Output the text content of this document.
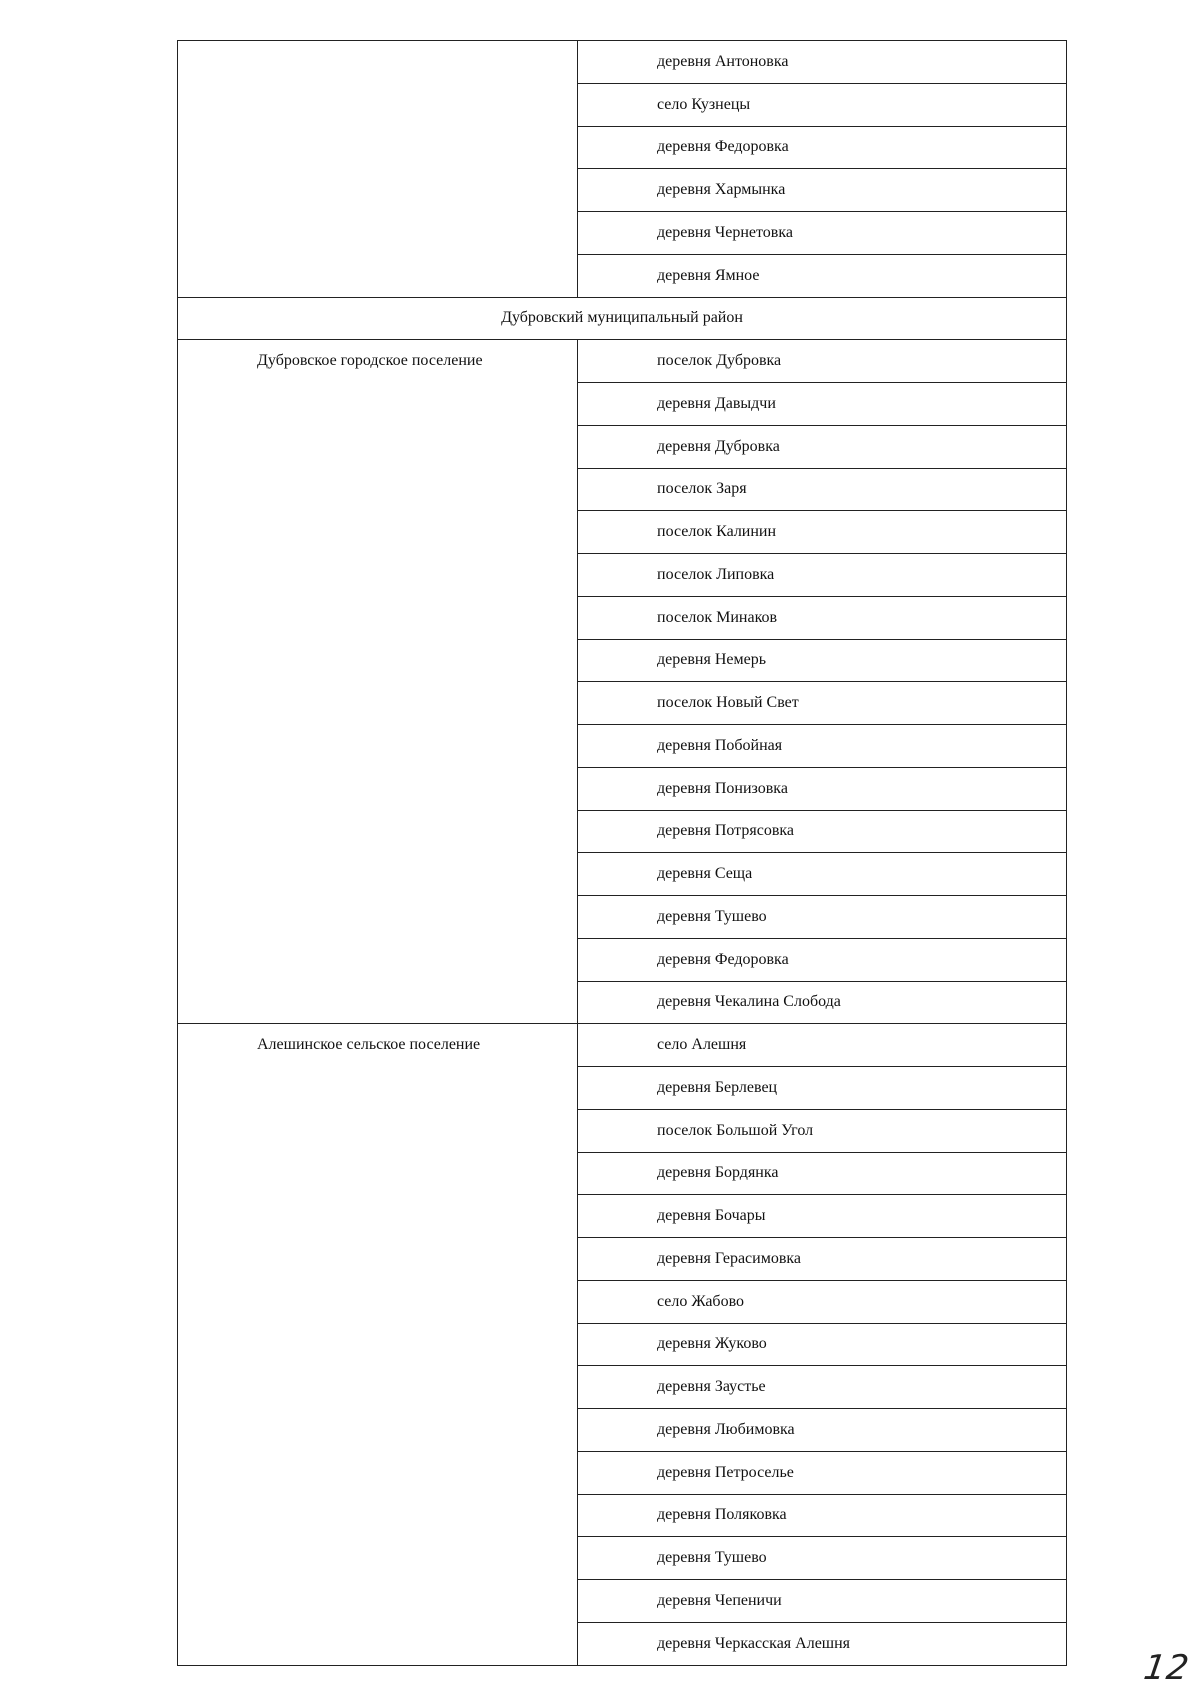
	деревня Антоновка

	село Кузнецы

	деревня Федоровка

	деревня Хармынка

	деревня Чернетовка

	деревня Ямное

Дубровский муниципальный район	

Дубровское городское поселение	поселок Дубровка

	деревня Давыдчи

	деревня Дубровка

	поселок Заря

	поселок Калинин

	поселок Липовка

	поселок Минаков

	деревня Немерь

	поселок Новый Свет

	деревня Побойная

	деревня Понизовка

	деревня Потрясовка

	деревня Сеща

	деревня Тушево

	деревня Федоровка

	деревня Чекалина Слобода

Алешинское сельское поселение	село Алешня

	деревня Берлевец

	поселок Большой Угол

	деревня Бордянка

	деревня Бочары

	деревня Герасимовка

	село Жабово

	деревня Жуково

	деревня Заустье

	деревня Любимовка

	деревня Петроселье

	деревня Поляковка

	деревня Тушево

	деревня Чепеничи

	деревня Черкасская Алешня
12
